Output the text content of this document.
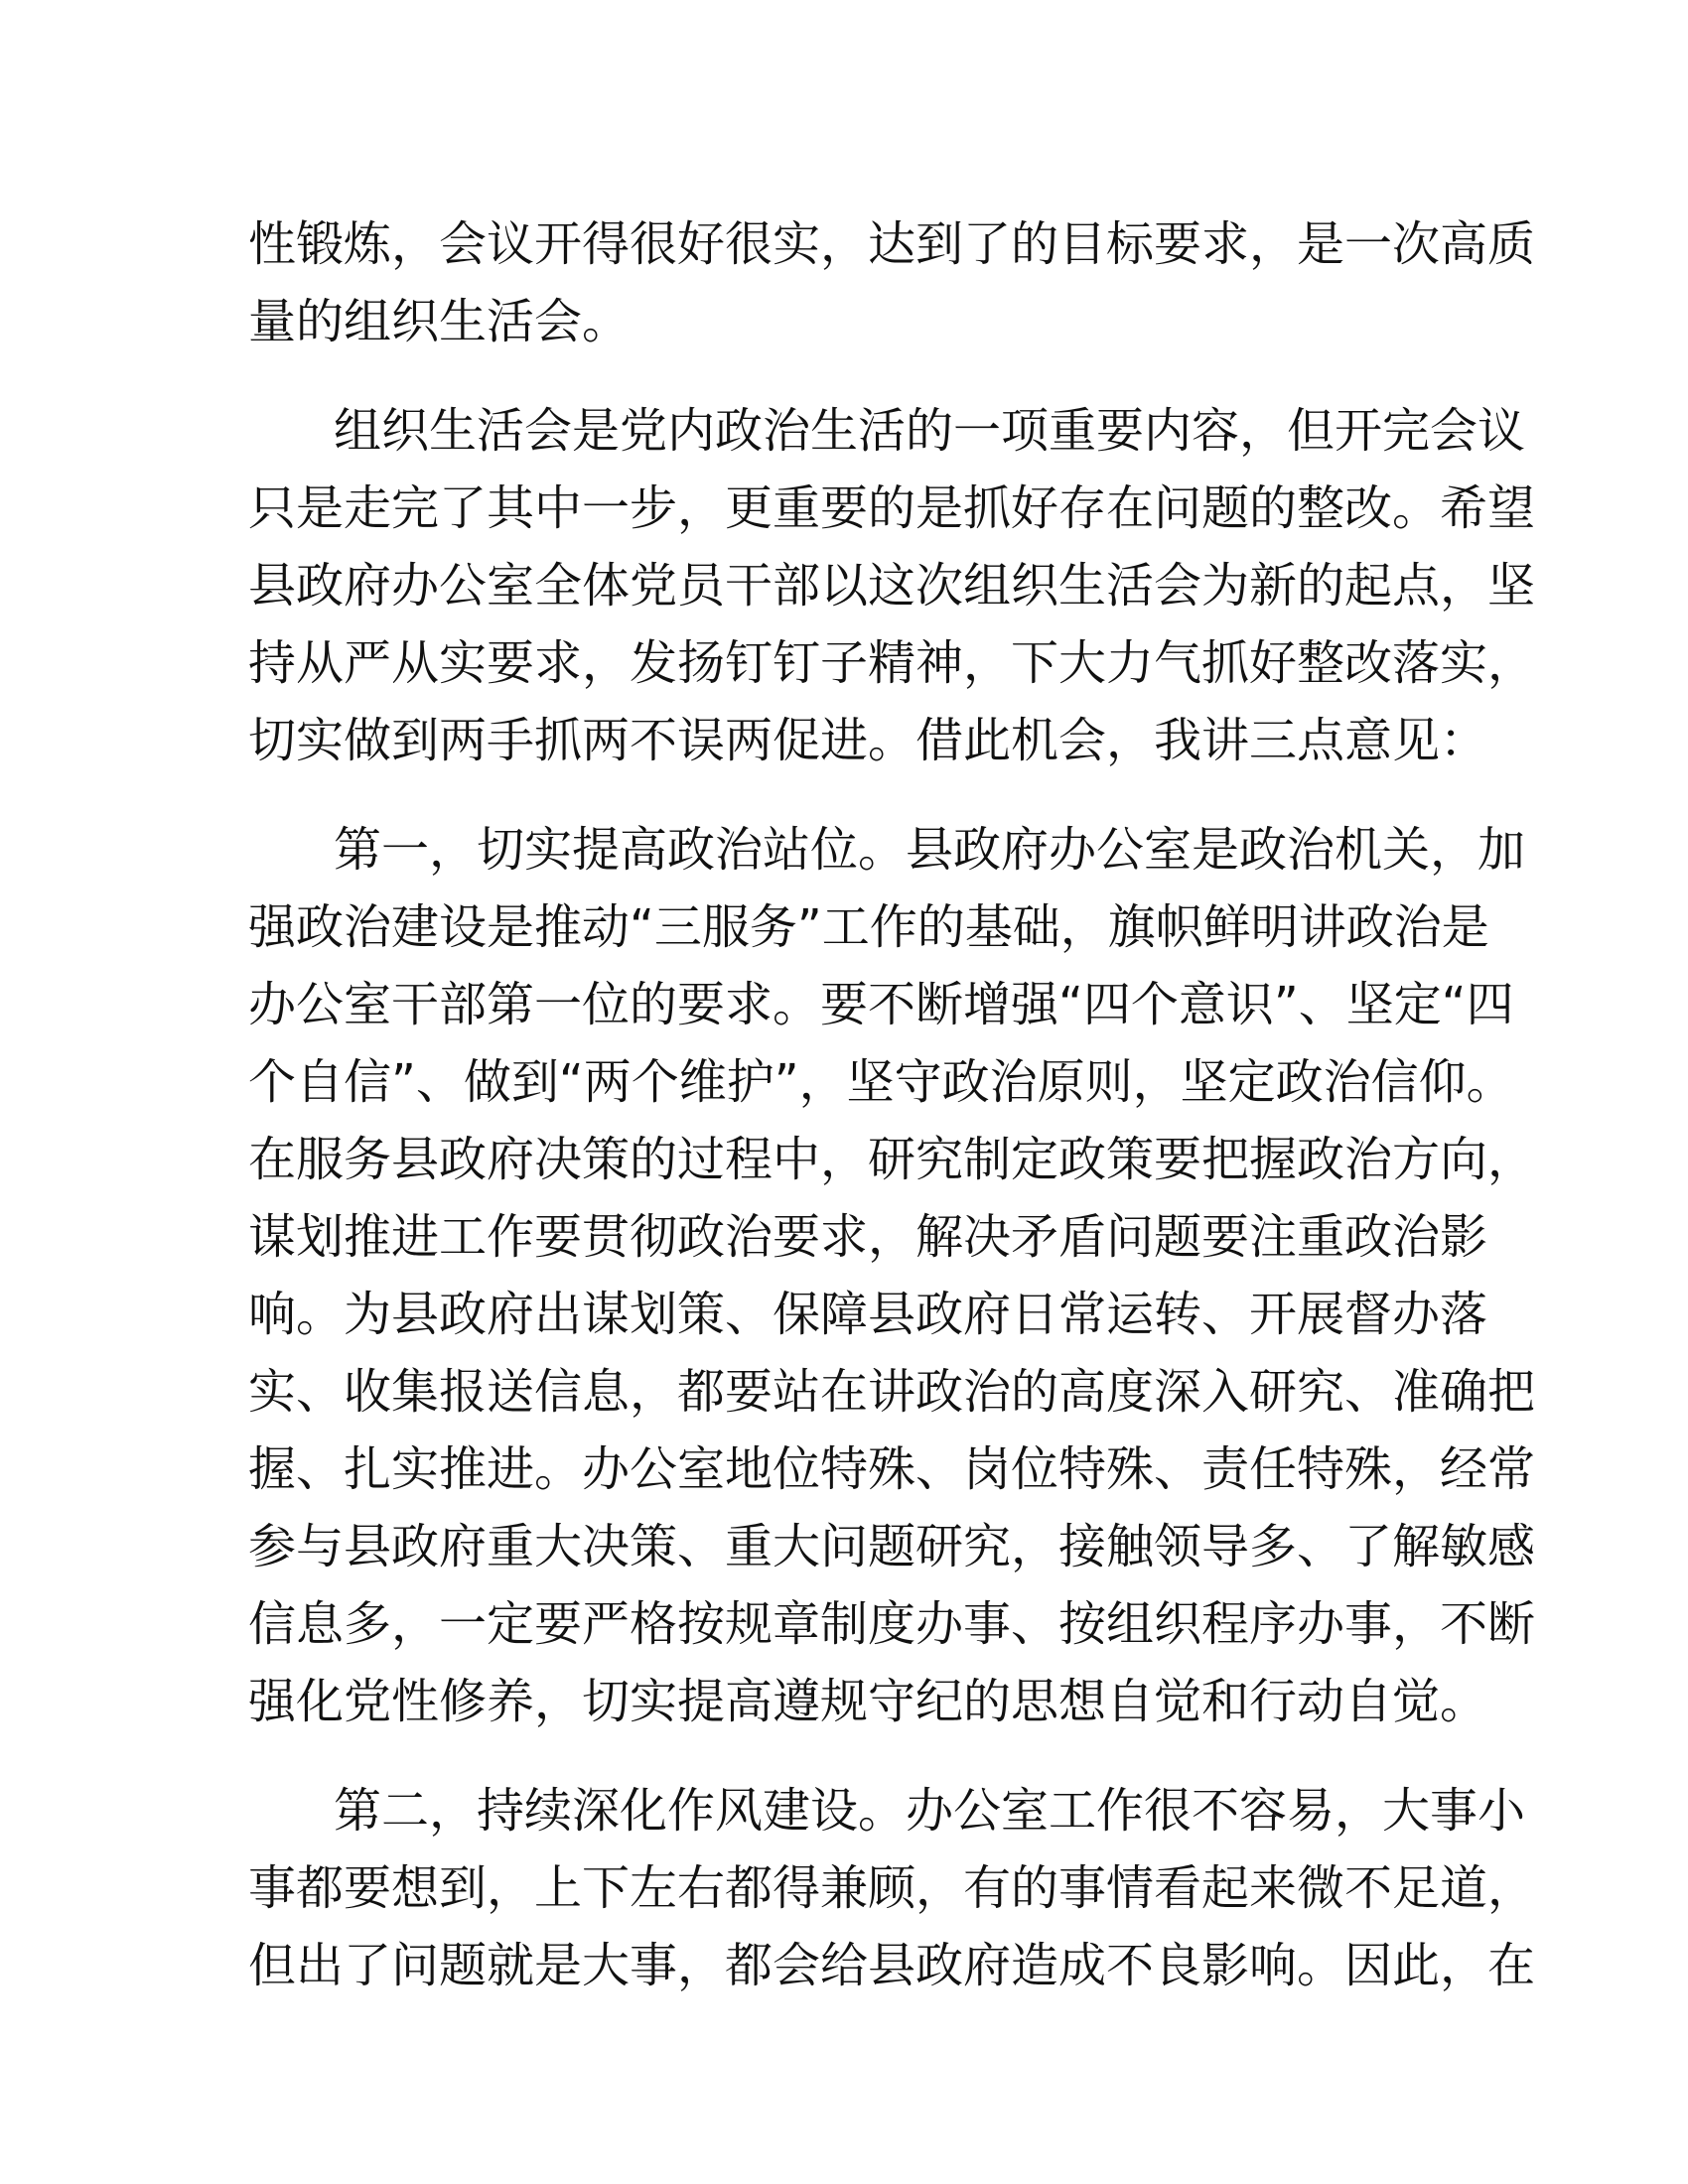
性锻炼，会议开得很好很实，达到了的目标要求，是一次高质
量的组织生活会。
组织生活会是党内政治生活的一项重要内容，但开完会议
只是走完了其中一步，更重要的是抓好存在问题的整改。希望
县政府办公室全体党员干部以这次组织生活会为新的起点，坚
持从严从实要求，发扬钉钉子精神，下大力气抓好整改落实，
切实做到两手抓两不误两促进。借此机会，我讲三点意见：
第一，切实提高政治站位。县政府办公室是政治机关，加
强政治建设是推动“三服务”工作的基础，旗帜鲜明讲政治是
办公室干部第一位的要求。要不断增强“四个意识”、坚定“四
个自信”、做到“两个维护”，坚守政治原则，坚定政治信仰。
在服务县政府决策的过程中，研究制定政策要把握政治方向，
谋划推进工作要贯彻政治要求，解决矛盾问题要注重政治影
响。为县政府出谋划策、保障县政府日常运转、开展督办落
实、收集报送信息，都要站在讲政治的高度深入研究、准确把
握、扎实推进。办公室地位特殊、岗位特殊、责任特殊，经常
参与县政府重大决策、重大问题研究，接触领导多、了解敏感
信息多，一定要严格按规章制度办事、按组织程序办事，不断
强化党性修养，切实提高遵规守纪的思想自觉和行动自觉。
第二，持续深化作风建设。办公室工作很不容易，大事小
事都要想到，上下左右都得兼顾，有的事情看起来微不足道，
但出了问题就是大事，都会给县政府造成不良影响。因此，在
